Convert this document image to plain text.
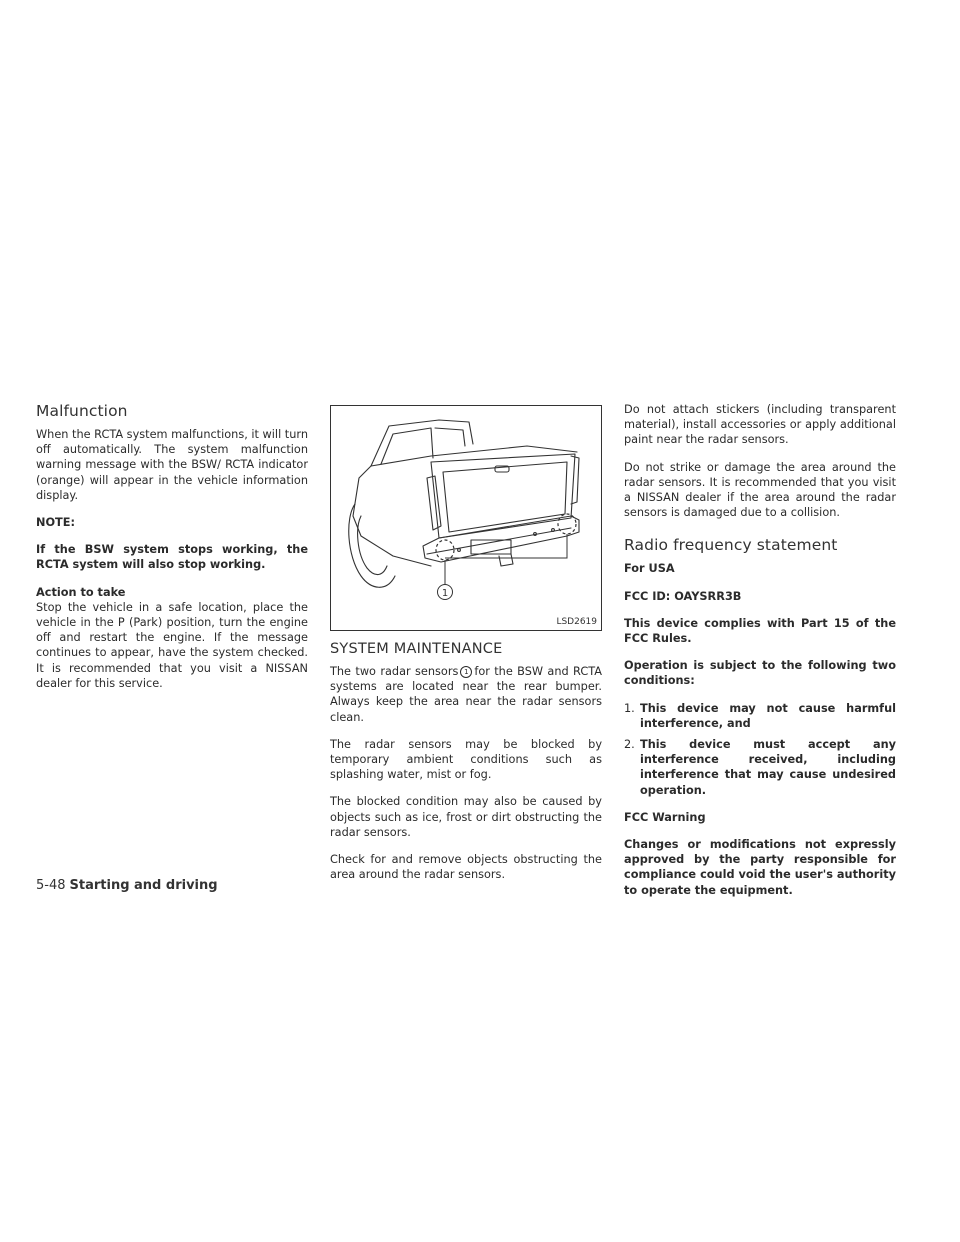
Malfunction

When the RCTA system malfunctions, it will turn off automatically. The system malfunction warning message with the BSW/ RCTA indicator (orange) will appear in the vehicle information display.

NOTE:

If the BSW system stops working, the RCTA system will also stop working.

Action to take
Stop the vehicle in a safe location, place the vehicle in the P (Park) position, turn the engine off and restart the engine. If the message continues to appear, have the system checked. It is recommended that you visit a NISSAN dealer for this service.

1
LSD2619
SYSTEM MAINTENANCE

The two radar sensors 1 for the BSW and RCTA systems are located near the rear bumper. Always keep the area near the radar sensors clean.

The radar sensors may be blocked by temporary ambient conditions such as splashing water, mist or fog.

The blocked condition may also be caused by objects such as ice, frost or dirt obstructing the radar sensors.

Check for and remove objects obstructing the area around the radar sensors.

Do not attach stickers (including transparent material), install accessories or apply additional paint near the radar sensors.

Do not strike or damage the area around the radar sensors. It is recommended that you visit a NISSAN dealer if the area around the radar sensors is damaged due to a collision.

Radio frequency statement

For USA

FCC ID: OAYSRR3B

This device complies with Part 15 of the FCC Rules.

Operation is subject to the following two conditions:

1. This device may not cause harmful interference, and
2. This device must accept any interference received, including interference that may cause undesired operation.

FCC Warning

Changes or modifications not expressly approved by the party responsible for compliance could void the user's authority to operate the equipment.

5-48 Starting and driving
